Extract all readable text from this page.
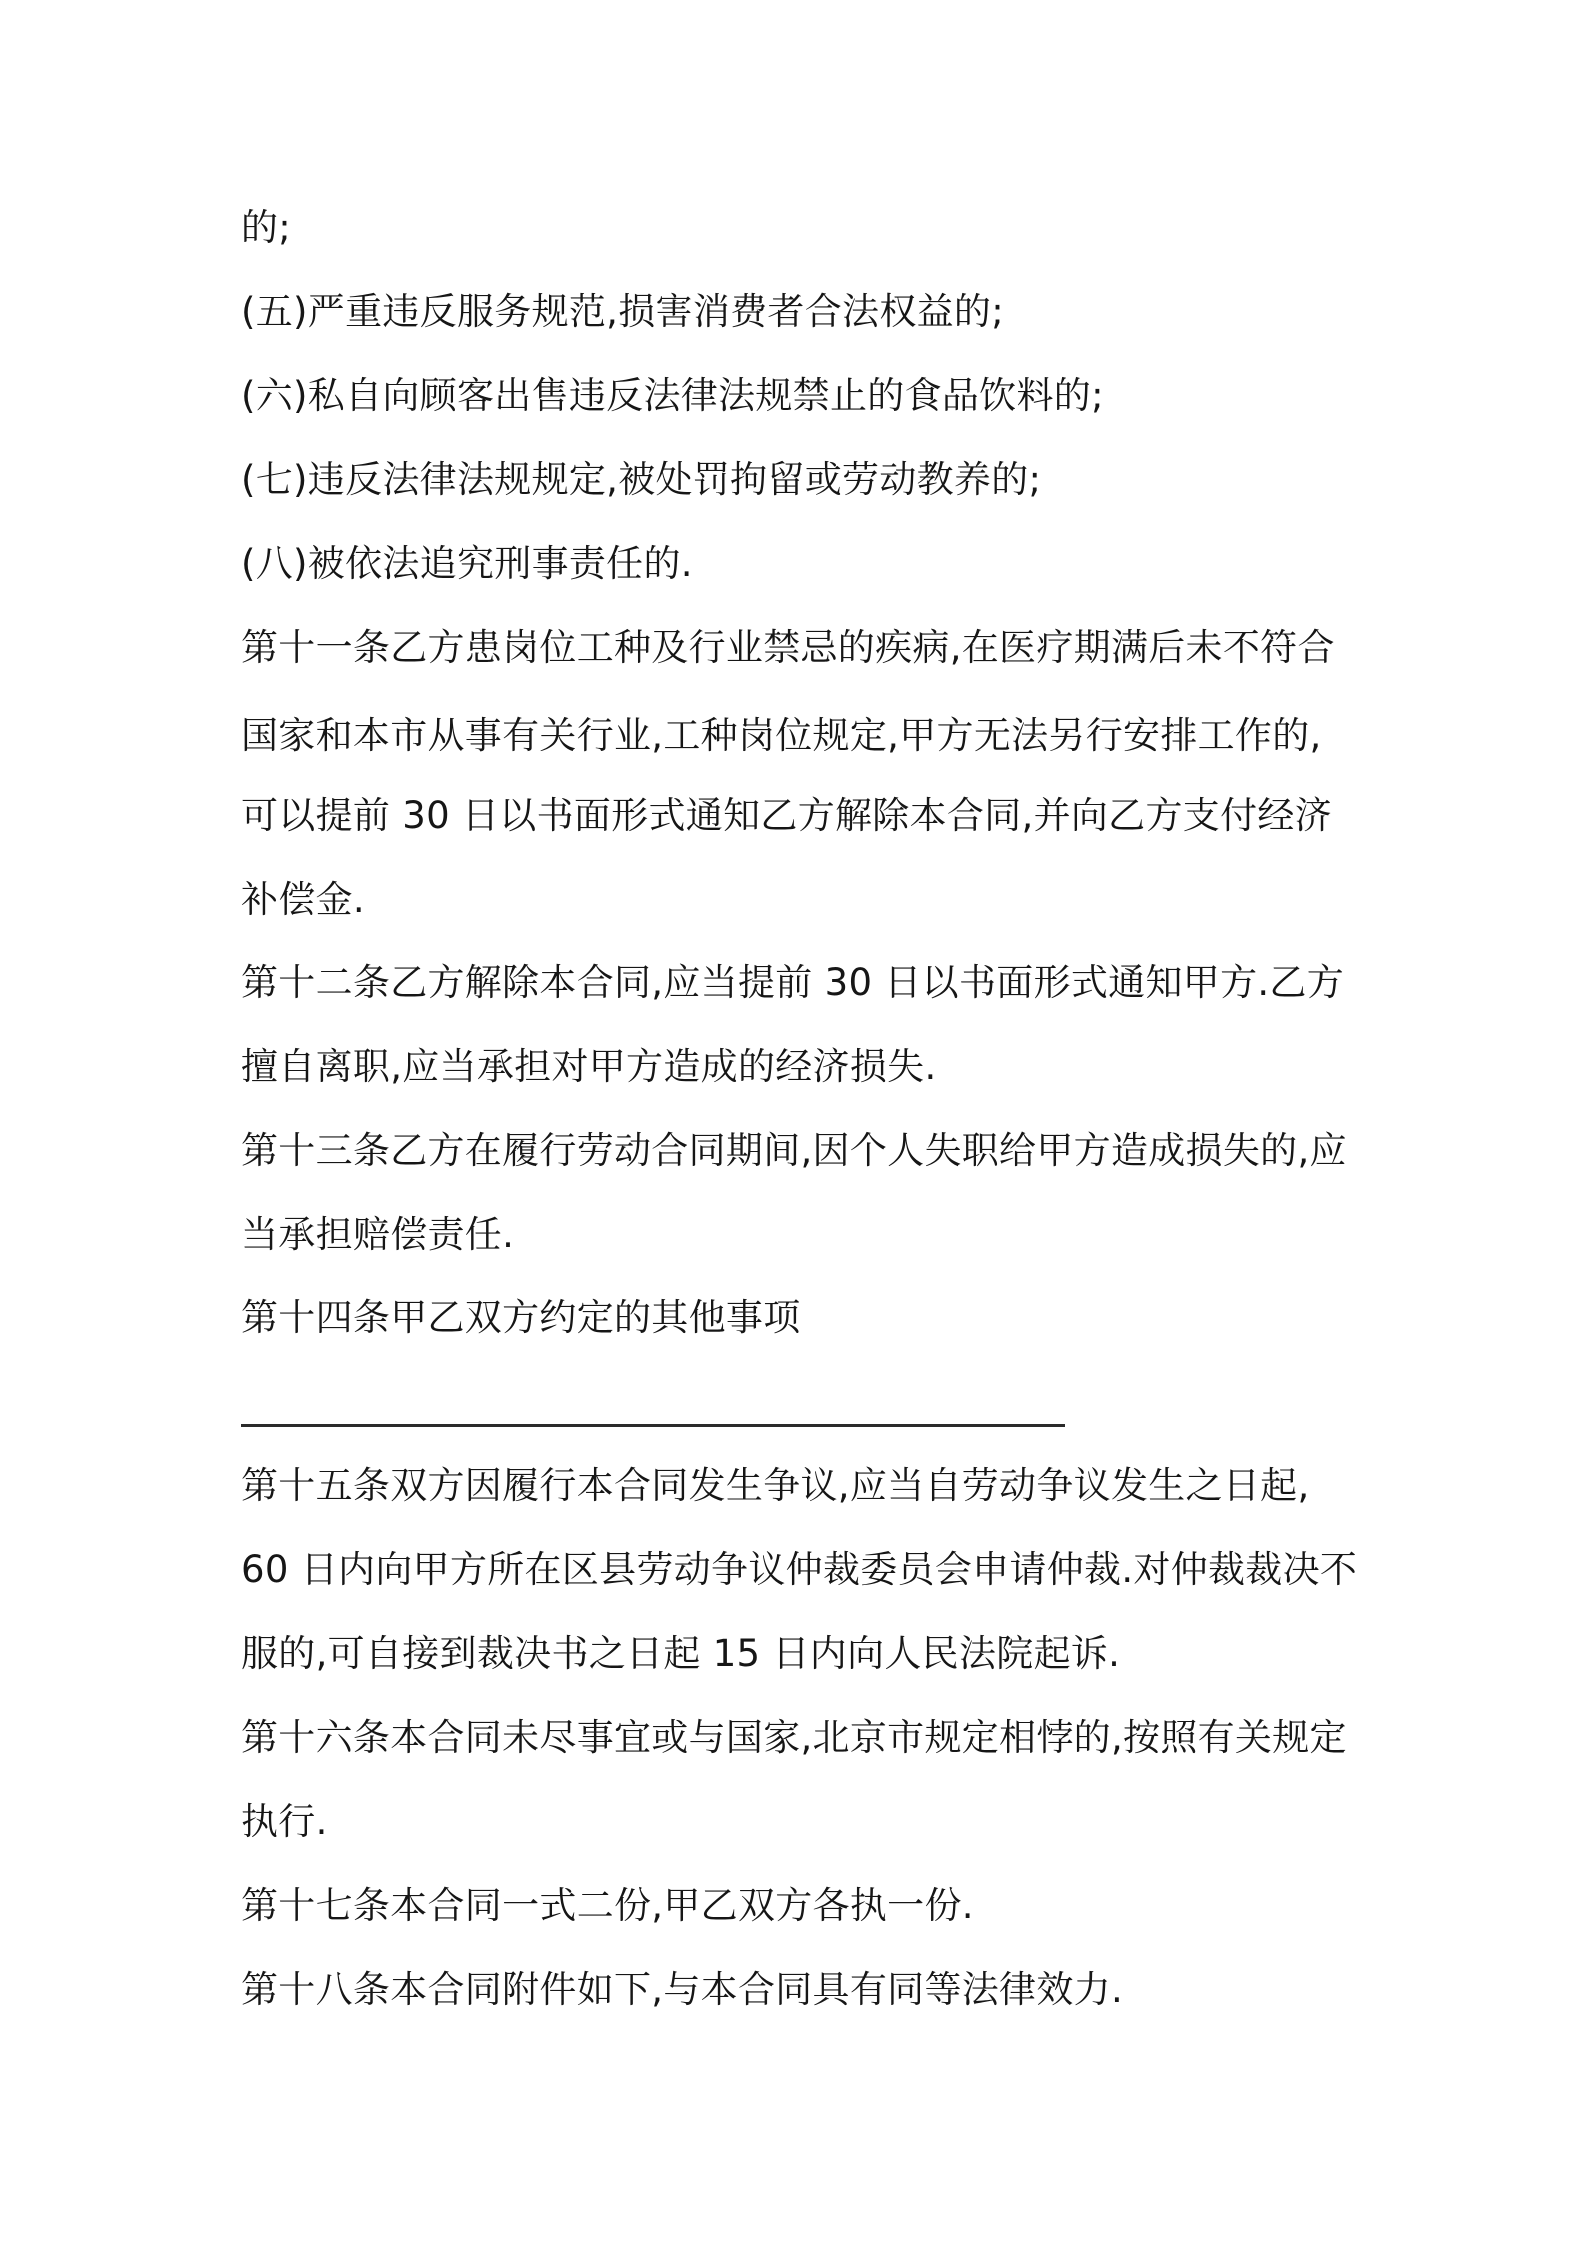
的;
(五)严重违反服务规范,损害消费者合法权益的;
(六)私自向顾客出售违反法律法规禁止的食品饮料的;
(七)违反法律法规规定,被处罚拘留或劳动教养的;
(八)被依法追究刑事责任的.
第十一条乙方患岗位工种及行业禁忌的疾病,在医疗期满后未不符合
国家和本市从事有关行业,工种岗位规定,甲方无法另行安排工作的,
可以提前 30 日以书面形式通知乙方解除本合同,并向乙方支付经济
补偿金.
第十二条乙方解除本合同,应当提前 30 日以书面形式通知甲方.乙方
擅自离职,应当承担对甲方造成的经济损失.
第十三条乙方在履行劳动合同期间,因个人失职给甲方造成损失的,应
当承担赔偿责任.
第十四条甲乙双方约定的其他事项
第十五条双方因履行本合同发生争议,应当自劳动争议发生之日起,
60 日内向甲方所在区县劳动争议仲裁委员会申请仲裁.对仲裁裁决不
服的,可自接到裁决书之日起 15 日内向人民法院起诉.
第十六条本合同未尽事宜或与国家,北京市规定相悖的,按照有关规定
执行.
第十七条本合同一式二份,甲乙双方各执一份.
第十八条本合同附件如下,与本合同具有同等法律效力.
